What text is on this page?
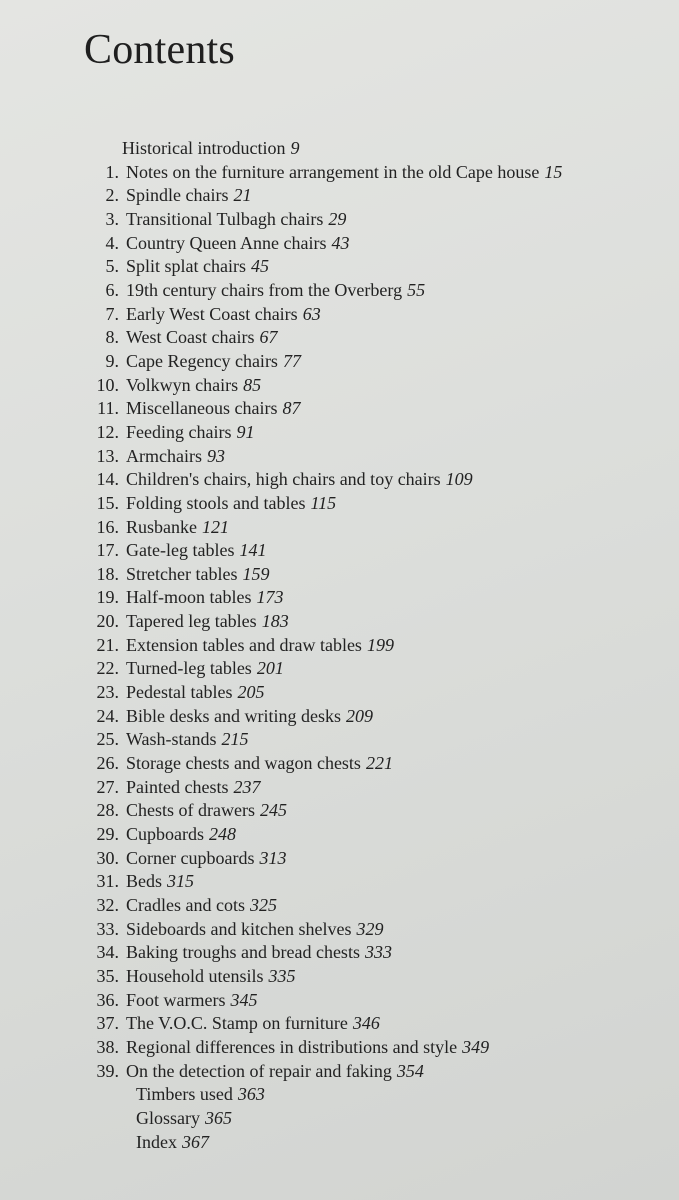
Contents
Historical introduction 9
1. Notes on the furniture arrangement in the old Cape house 15
2. Spindle chairs 21
3. Transitional Tulbagh chairs 29
4. Country Queen Anne chairs 43
5. Split splat chairs 45
6. 19th century chairs from the Overberg 55
7. Early West Coast chairs 63
8. West Coast chairs 67
9. Cape Regency chairs 77
10. Volkwyn chairs 85
11. Miscellaneous chairs 87
12. Feeding chairs 91
13. Armchairs 93
14. Children's chairs, high chairs and toy chairs 109
15. Folding stools and tables 115
16. Rusbanke 121
17. Gate-leg tables 141
18. Stretcher tables 159
19. Half-moon tables 173
20. Tapered leg tables 183
21. Extension tables and draw tables 199
22. Turned-leg tables 201
23. Pedestal tables 205
24. Bible desks and writing desks 209
25. Wash-stands 215
26. Storage chests and wagon chests 221
27. Painted chests 237
28. Chests of drawers 245
29. Cupboards 248
30. Corner cupboards 313
31. Beds 315
32. Cradles and cots 325
33. Sideboards and kitchen shelves 329
34. Baking troughs and bread chests 333
35. Household utensils 335
36. Foot warmers 345
37. The V.O.C. Stamp on furniture 346
38. Regional differences in distributions and style 349
39. On the detection of repair and faking 354
Timbers used 363
Glossary 365
Index 367
